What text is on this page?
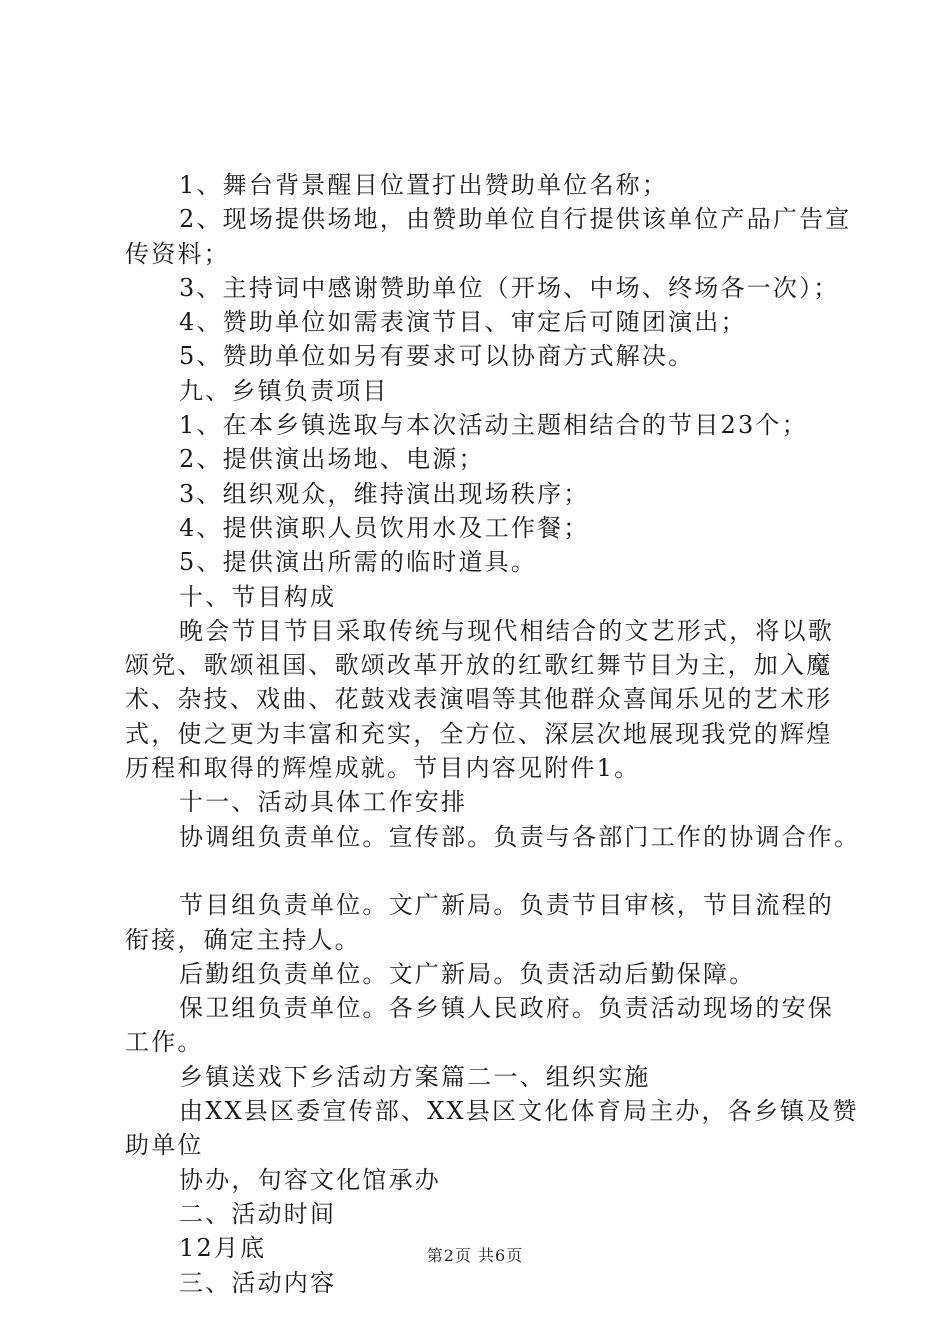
1、舞台背景醒目位置打出赞助单位名称；

2、现场提供场地，由赞助单位自行提供该单位产品广告宣

传资料；

3、主持词中感谢赞助单位（开场、中场、终场各一次）；

4、赞助单位如需表演节目、审定后可随团演出；

5、赞助单位如另有要求可以协商方式解决。

九、乡镇负责项目

1、在本乡镇选取与本次活动主题相结合的节目23个；

2、提供演出场地、电源；

3、组织观众，维持演出现场秩序；

4、提供演职人员饮用水及工作餐；

5、提供演出所需的临时道具。

十、节目构成

晚会节目节目采取传统与现代相结合的文艺形式，将以歌

颂党、歌颂祖国、歌颂改革开放的红歌红舞节目为主，加入魔

术、杂技、戏曲、花鼓戏表演唱等其他群众喜闻乐见的艺术形

式，使之更为丰富和充实，全方位、深层次地展现我党的辉煌

历程和取得的辉煌成就。节目内容见附件1。

十一、活动具体工作安排

协调组负责单位。宣传部。负责与各部门工作的协调合作。

节目组负责单位。文广新局。负责节目审核，节目流程的

衔接，确定主持人。

后勤组负责单位。文广新局。负责活动后勤保障。

保卫组负责单位。各乡镇人民政府。负责活动现场的安保

工作。

乡镇送戏下乡活动方案篇二一、组织实施

由XX县区委宣传部、XX县区文化体育局主办，各乡镇及赞

助单位

协办，句容文化馆承办

二、活动时间

12月底

三、活动内容

第2页 共6页
